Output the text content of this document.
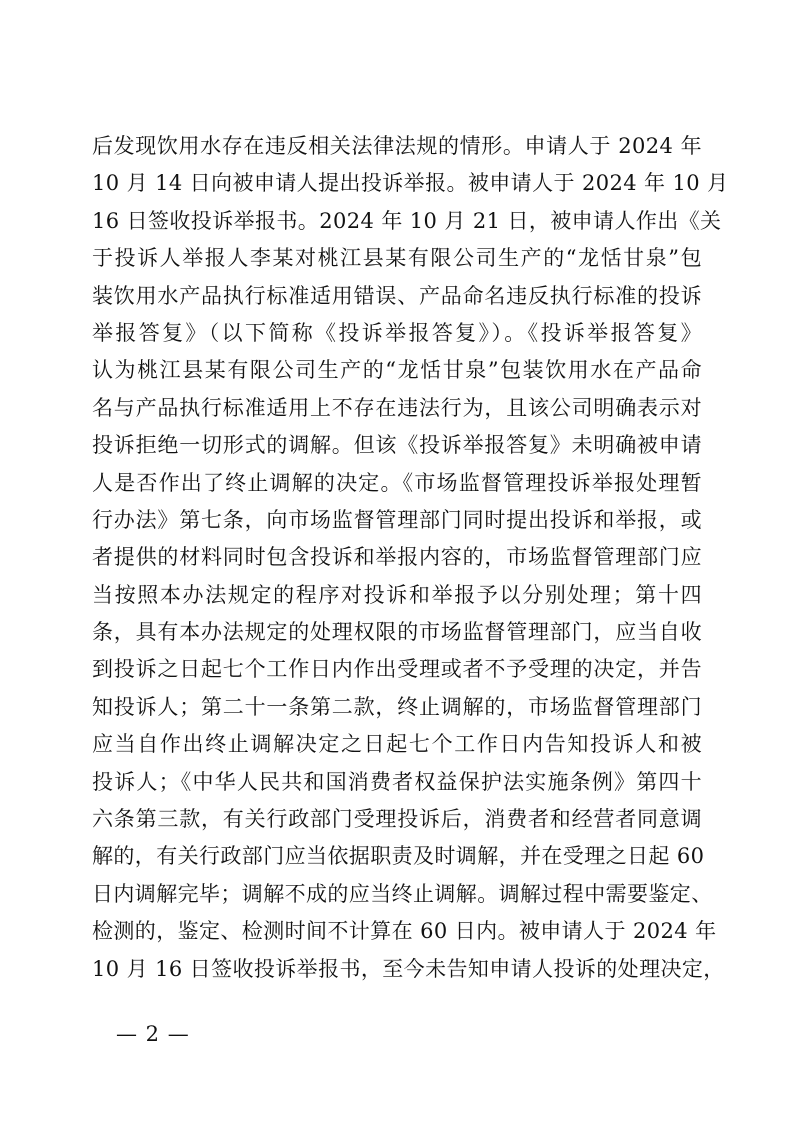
后发现饮用水存在违反相关法律法规的情形。申请人于 2024 年
10 月 14 日向被申请人提出投诉举报。被申请人于 2024 年 10 月
16 日签收投诉举报书。2024 年 10 月 21 日，被申请人作出《关
于投诉人举报人李某对桃江县某有限公司生产的“龙恬甘泉”包
装饮用水产品执行标准适用错误、产品命名违反执行标准的投诉
举报答复》（以下简称《投诉举报答复》）。《投诉举报答复》
认为桃江县某有限公司生产的“龙恬甘泉”包装饮用水在产品命
名与产品执行标准适用上不存在违法行为，且该公司明确表示对
投诉拒绝一切形式的调解。但该《投诉举报答复》未明确被申请
人是否作出了终止调解的决定。《市场监督管理投诉举报处理暂
行办法》第七条，向市场监督管理部门同时提出投诉和举报，或
者提供的材料同时包含投诉和举报内容的，市场监督管理部门应
当按照本办法规定的程序对投诉和举报予以分别处理；第十四
条，具有本办法规定的处理权限的市场监督管理部门，应当自收
到投诉之日起七个工作日内作出受理或者不予受理的决定，并告
知投诉人；第二十一条第二款，终止调解的，市场监督管理部门
应当自作出终止调解决定之日起七个工作日内告知投诉人和被
投诉人；《中华人民共和国消费者权益保护法实施条例》第四十
六条第三款，有关行政部门受理投诉后，消费者和经营者同意调
解的，有关行政部门应当依据职责及时调解，并在受理之日起 60
日内调解完毕；调解不成的应当终止调解。调解过程中需要鉴定、
检测的，鉴定、检测时间不计算在 60 日内。被申请人于 2024 年
10 月 16 日签收投诉举报书，至今未告知申请人投诉的处理决定，
— 2 —
